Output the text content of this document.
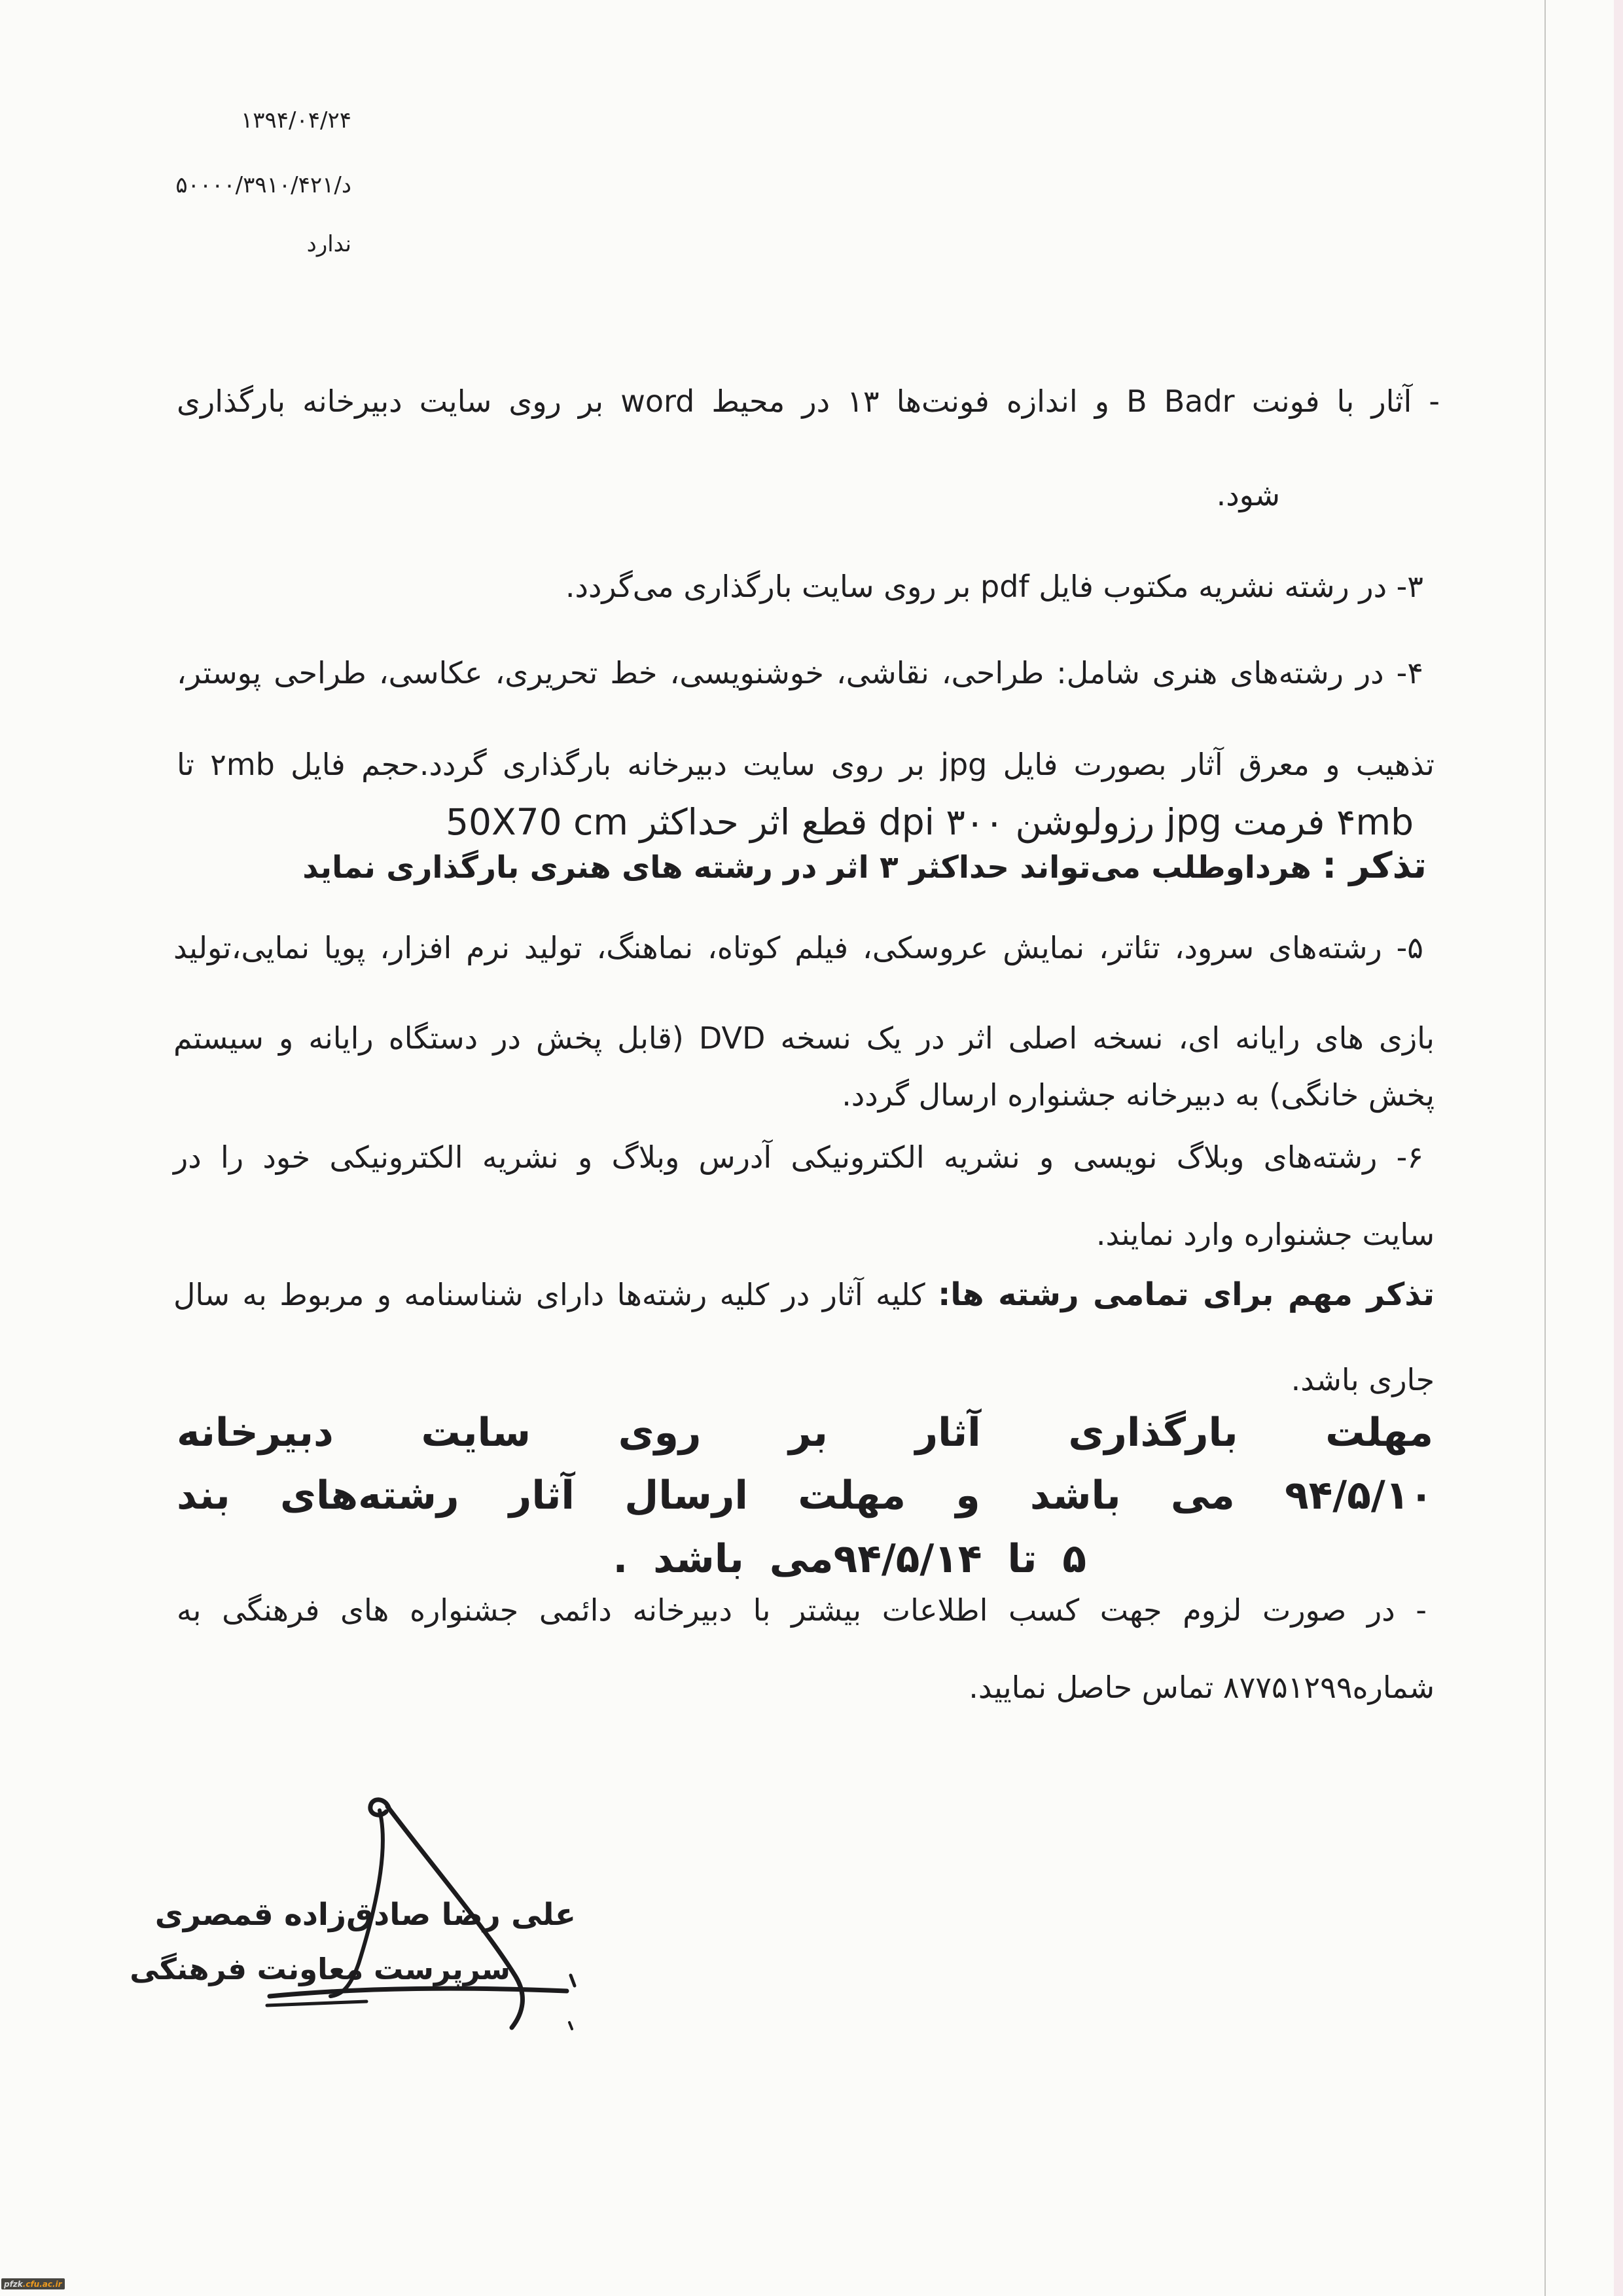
۱۳۹۴/۰۴/۲۴
د/۵۰۰۰۰/۳۹۱۰/۴۲۱
ندارد
- آثار با فونت B Badr و اندازه فونت‌ها ۱۳ در محیط word بر روی سایت دبیرخانه بارگذاری
شود.
۳- در رشته نشریه مکتوب فایل pdf بر روی سایت بارگذاری می‌گردد.
۴- در رشته‌های هنری شامل: طراحی، نقاشی، خوشنویسی، خط تحریری، عکاسی، طراحی پوستر،
تذهیب و معرق آثار بصورت فایل jpg بر روی سایت دبیرخانه بارگذاری گردد.حجم فایل ۲mb تا
۴mb فرمت jpg رزولوشن dpi ۳۰۰ قطع اثر حداکثر 50X70 cm
تذکر : هرداوطلب می‌تواند حداکثر ۳ اثر در رشته های هنری بارگذاری نماید
۵- رشته‌های سرود، تئاتر، نمایش عروسکی، فیلم کوتاه، نماهنگ، تولید نرم افزار، پویا نمایی،تولید
بازی های رایانه ای، نسخه اصلی اثر در یک نسخه DVD (قابل پخش در دستگاه رایانه و سیستم
پخش خانگی) به دبیرخانه جشنواره ارسال گردد.
۶- رشته‌های وبلاگ نویسی و نشریه الکترونیکی آدرس وبلاگ و نشریه الکترونیکی خود را در
سایت جشنواره وارد نمایند.
تذکر مهم برای تمامی رشته ها: کلیه آثار در کلیه رشته‌ها دارای شناسنامه و مربوط به سال
جاری باشد.
مهلت بارگذاری آثار بر روی سایت دبیرخانه
۹۴/۵/۱۰ می باشد و مهلت ارسال آثار رشته‌های بند
۵ تا ۹۴/۵/۱۴می باشد .
- در صورت لزوم جهت کسب اطلاعات بیشتر با دبیرخانه دائمی جشنواره های فرهنگی به
شماره۸۷۷۵۱۲۹۹ تماس حاصل نمایید.
علی رضا صادق‌زاده قمصری
سرپرست معاونت فرهنگی
pfzk .cfu.ac.ir
